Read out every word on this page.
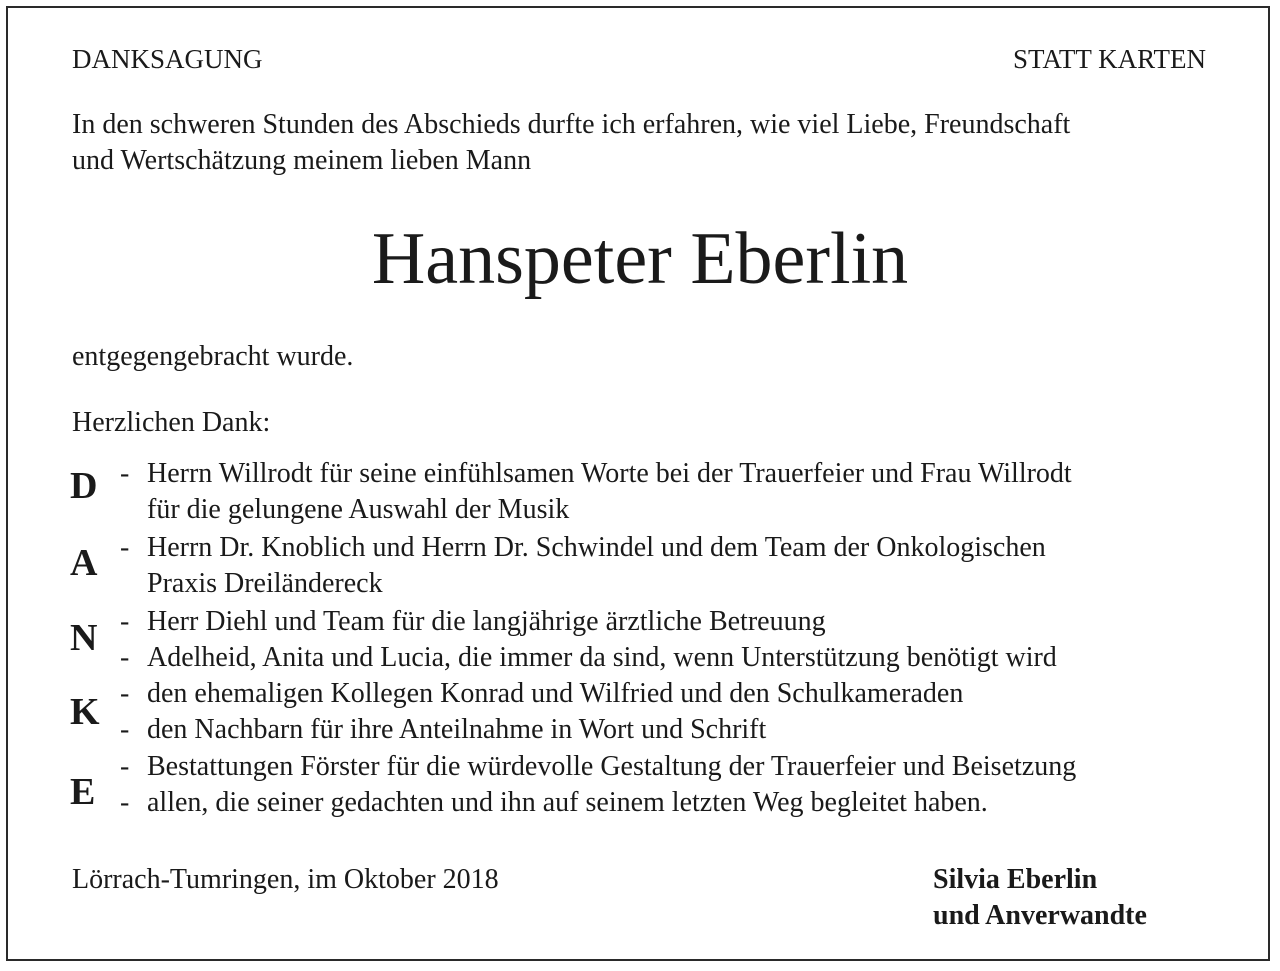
DANKSAGUNG	STATT KARTEN
In den schweren Stunden des Abschieds durfte ich erfahren, wie viel Liebe, Freundschaft
und Wertschätzung meinem lieben Mann
Hanspeter Eberlin
entgegengebracht wurde.
Herzlichen Dank:
D
A
N
K
E
- Herrn Willrodt für seine einfühlsamen Worte bei der Trauerfeier und Frau Willrodt
für die gelungene Auswahl der Musik
- Herrn Dr. Knoblich und Herrn Dr. Schwindel und dem Team der Onkologischen
Praxis Dreiländereck
- Herr Diehl und Team für die langjährige ärztliche Betreuung
- Adelheid, Anita und Lucia, die immer da sind, wenn Unterstützung benötigt wird
- den ehemaligen Kollegen Konrad und Wilfried und den Schulkameraden
- den Nachbarn für ihre Anteilnahme in Wort und Schrift
- Bestattungen Förster für die würdevolle Gestaltung der Trauerfeier und Beisetzung
- allen, die seiner gedachten und ihn auf seinem letzten Weg begleitet haben.
Lörrach-Tumringen, im Oktober 2018	Silvia Eberlin
und Anverwandte
